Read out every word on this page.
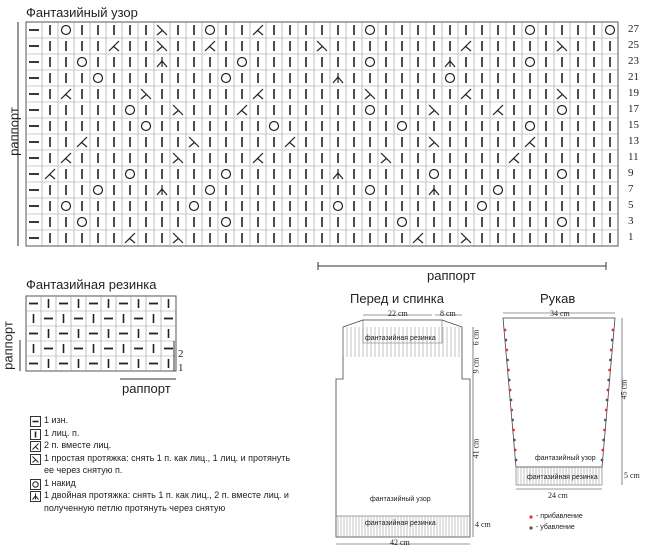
Фантазийный узор
раппорт
раппорт
27
25
23
21
19
17
15
13
11
9
7
5
3
1
Фантазийная резинка
раппорт
раппорт
2
1
1 изн.
1 лиц. п.
2 п. вместе лиц.
1 простая протяжка: снять 1 п. как лиц., 1 лиц. и протянуть
ее через снятую п.
1 накид
1 двойная протяжка: снять 1 п. как лиц., 2 п. вместе лиц. и
полученную петлю протянуть через снятую
Перед и спинка
22 cm	8 cm
фантазийная резинка
фантазийный узор
фантазийная резинка
42 cm
4 cm
6 cm
9 cm
41 cm
Рукав
34 cm
45 cm
5 cm
24 cm
фантазийный узор
фантазийная резинка
- прибавление
- убавление
